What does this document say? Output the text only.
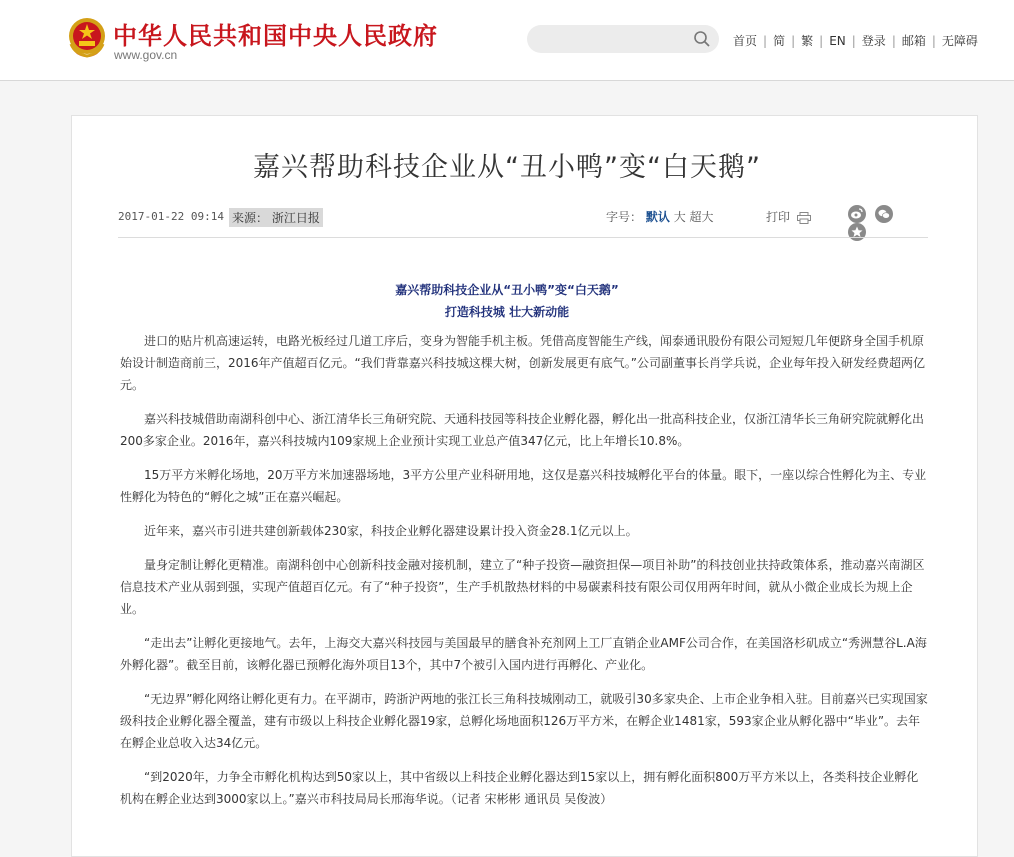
中华人民共和国中央人民政府
www.gov.cn
首页 | 简 | 繁 | EN | 登录 | 邮箱 | 无障碍
嘉兴帮助科技企业从“丑小鸭”变“白天鹅”
2017-01-22 09:14 来源： 浙江日报	字号： 默认 大 超大	打印
嘉兴帮助科技企业从“丑小鸭”变“白天鹅”
打造科技城 壮大新动能

进口的贴片机高速运转，电路光板经过几道工序后，变身为智能手机主板。凭借高度智能生产线，闻泰通讯股份有限公司短短几年便跻身全国手机原始设计制造商前三，2016年产值超百亿元。“我们背靠嘉兴科技城这棵大树，创新发展更有底气。”公司副董事长肖学兵说，企业每年投入研发经费超两亿元。

嘉兴科技城借助南湖科创中心、浙江清华长三角研究院、天通科技园等科技企业孵化器，孵化出一批高科技企业，仅浙江清华长三角研究院就孵化出200多家企业。2016年，嘉兴科技城内109家规上企业预计实现工业总产值347亿元，比上年增长10.8%。

15万平方米孵化场地，20万平方米加速器场地，3平方公里产业科研用地，这仅是嘉兴科技城孵化平台的体量。眼下，一座以综合性孵化为主、专业性孵化为特色的“孵化之城”正在嘉兴崛起。

近年来，嘉兴市引进共建创新载体230家，科技企业孵化器建设累计投入资金28.1亿元以上。

量身定制让孵化更精准。南湖科创中心创新科技金融对接机制，建立了“种子投资—融资担保—项目补助”的科技创业扶持政策体系，推动嘉兴南湖区信息技术产业从弱到强，实现产值超百亿元。有了“种子投资”，生产手机散热材料的中易碳素科技有限公司仅用两年时间，就从小微企业成长为规上企业。

“走出去”让孵化更接地气。去年，上海交大嘉兴科技园与美国最早的膳食补充剂网上工厂直销企业AMF公司合作，在美国洛杉矶成立“秀洲慧谷L.A海外孵化器”。截至目前，该孵化器已预孵化海外项目13个，其中7个被引入国内进行再孵化、产业化。

“无边界”孵化网络让孵化更有力。在平湖市，跨浙沪两地的张江长三角科技城刚动工，就吸引30多家央企、上市企业争相入驻。目前嘉兴已实现国家级科技企业孵化器全覆盖，建有市级以上科技企业孵化器19家，总孵化场地面积126万平方米，在孵企业1481家，593家企业从孵化器中“毕业”。去年在孵企业总收入达34亿元。

“到2020年，力争全市孵化机构达到50家以上，其中省级以上科技企业孵化器达到15家以上，拥有孵化面积800万平方米以上，各类科技企业孵化机构在孵企业达到3000家以上。”嘉兴市科技局局长邢海华说。（记者 宋彬彬 通讯员 吴俊波）
